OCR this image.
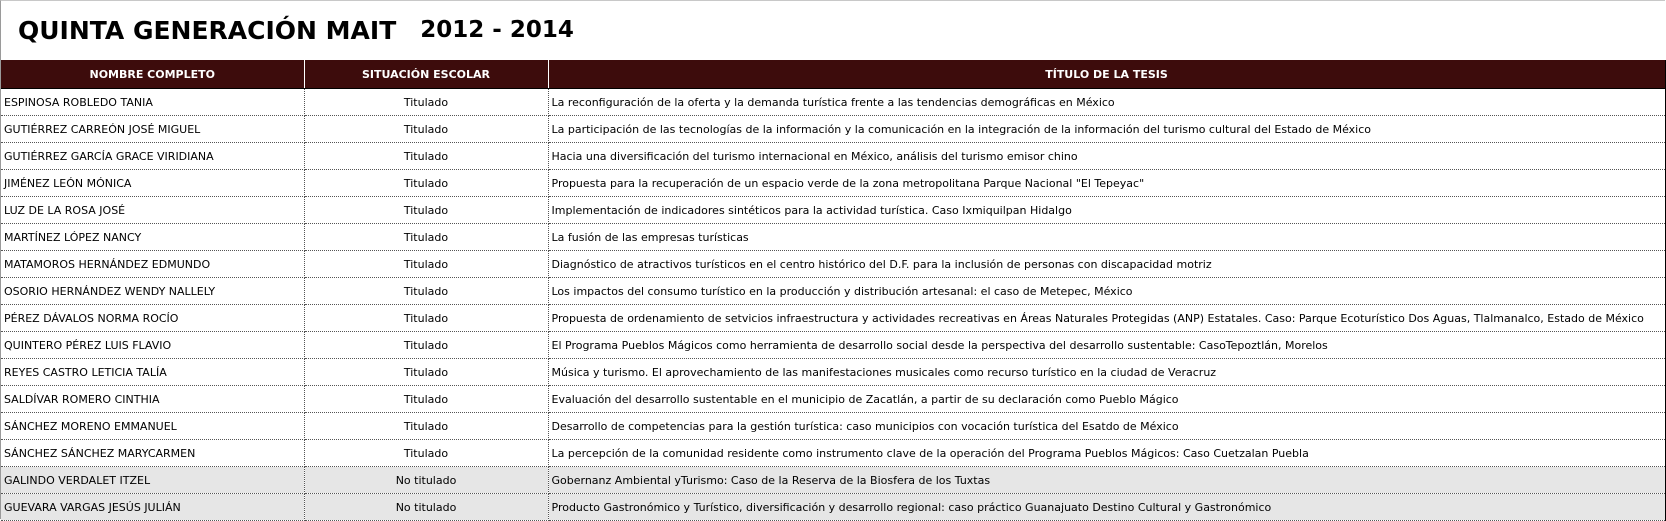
QUINTA GENERACIÓN MAIT 2012 - 2014
NOMBRE COMPLETO	SITUACIÓN ESCOLAR	TÍTULO DE LA TESIS
ESPINOSA ROBLEDO TANIA	Titulado	La reconfiguración de la oferta y la demanda turística frente a las tendencias demográficas en México
GUTIÉRREZ CARREÓN JOSÉ MIGUEL	Titulado	La participación de las tecnologías de la información y la comunicación en la integración de la información del turismo cultural del Estado de México
GUTIÉRREZ GARCÍA GRACE VIRIDIANA	Titulado	Hacia una diversificación del turismo internacional en México, análisis del turismo emisor chino
JIMÉNEZ LEÓN MÓNICA	Titulado	Propuesta para la recuperación de un espacio verde de la zona metropolitana Parque Nacional "El Tepeyac"
LUZ DE LA ROSA JOSÉ	Titulado	Implementación de indicadores sintéticos para la actividad turística. Caso Ixmiquilpan Hidalgo
MARTÍNEZ LÓPEZ NANCY	Titulado	La fusión de las empresas turísticas
MATAMOROS HERNÁNDEZ EDMUNDO	Titulado	Diagnóstico de atractivos turísticos en el centro histórico del D.F. para la inclusión de personas con discapacidad motriz
OSORIO HERNÁNDEZ WENDY NALLELY	Titulado	Los impactos del consumo turístico en la producción y distribución artesanal: el caso de Metepec, México
PÉREZ DÁVALOS NORMA ROCÍO	Titulado	Propuesta de ordenamiento de setvicios infraestructura y actividades recreativas en Áreas Naturales Protegidas (ANP) Estatales. Caso: Parque Ecoturístico Dos Aguas, Tlalmanalco, Estado de México
QUINTERO PÉREZ LUIS FLAVIO	Titulado	El Programa Pueblos Mágicos como herramienta de desarrollo social desde la perspectiva del desarrollo sustentable: CasoTepoztlán, Morelos
REYES CASTRO LETICIA TALÍA	Titulado	Música y turismo. El aprovechamiento de las manifestaciones musicales como recurso turístico en la ciudad de Veracruz
SALDÍVAR ROMERO CINTHIA	Titulado	Evaluación del desarrollo sustentable en el municipio de Zacatlán, a partir de su declaración como Pueblo Mágico
SÁNCHEZ MORENO EMMANUEL	Titulado	Desarrollo de competencias para la gestión turística: caso municipios con vocación turística del Esatdo de México
SÁNCHEZ SÁNCHEZ MARYCARMEN	Titulado	La percepción de la comunidad residente como instrumento clave de la operación del Programa Pueblos Mágicos: Caso Cuetzalan Puebla
GALINDO VERDALET ITZEL	No titulado	Gobernanz Ambiental yTurismo: Caso de la Reserva de la Biosfera de los Tuxtas
GUEVARA VARGAS JESÚS JULIÁN	No titulado	Producto Gastronómico y Turístico, diversificación y desarrollo regional: caso práctico Guanajuato Destino Cultural y Gastronómico
